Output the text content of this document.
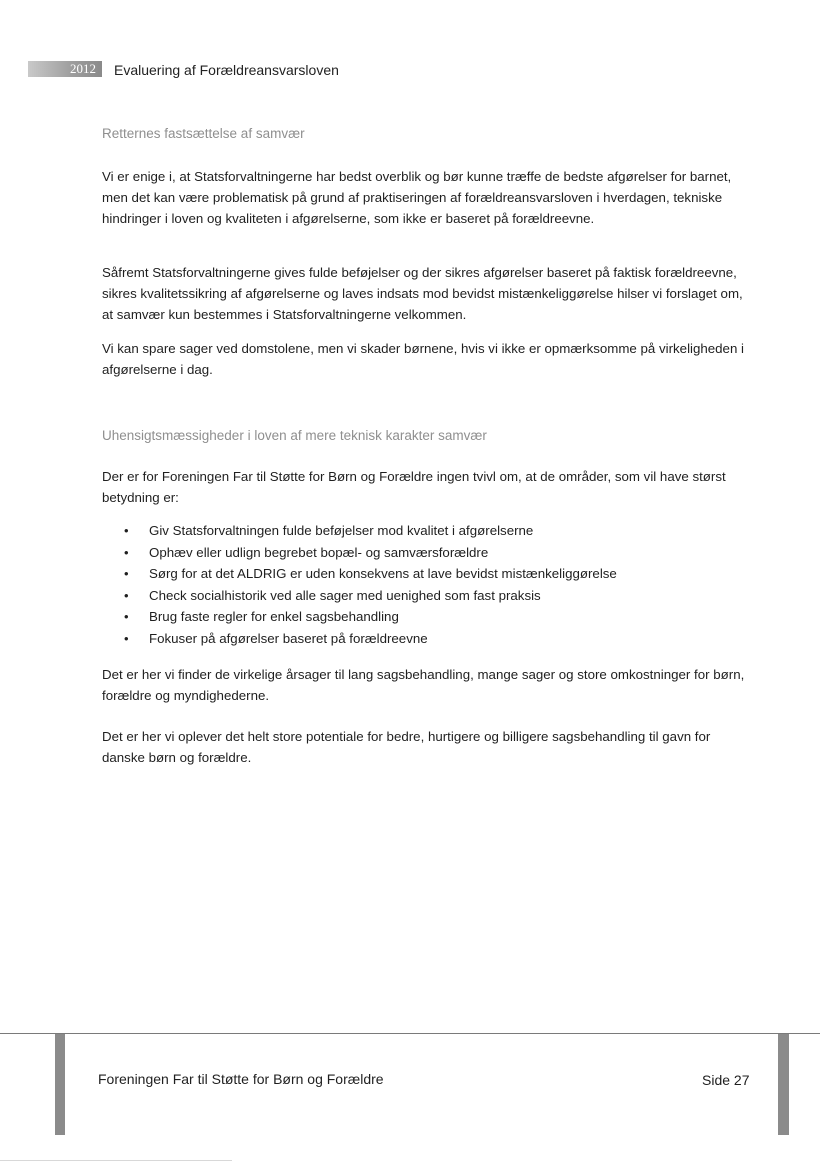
2012 Evaluering af Forældreansvarsloven
Retternes fastsættelse af samvær

Vi er enige i, at Statsforvaltningerne har bedst overblik og bør kunne træffe de bedste afgørelser for barnet, men det kan være problematisk på grund af praktiseringen af forældreansvarsloven i hverdagen, tekniske hindringer i loven og kvaliteten i afgørelserne, som ikke er baseret på forældreevne.

Såfremt Statsforvaltningerne gives fulde beføjelser og der sikres afgørelser baseret på faktisk forældreevne, sikres kvalitetssikring af afgørelserne og laves indsats mod bevidst mistænkeliggørelse hilser vi forslaget om, at samvær kun bestemmes i Statsforvaltningerne velkommen.

Vi kan spare sager ved domstolene, men vi skader børnene, hvis vi ikke er opmærksomme på virkeligheden i afgørelserne i dag.

Uhensigtsmæssigheder i loven af mere teknisk karakter samvær

Der er for Foreningen Far til Støtte for Børn og Forældre ingen tvivl om, at de områder, som vil have størst betydning er:

• Giv Statsforvaltningen fulde beføjelser mod kvalitet i afgørelserne
• Ophæv eller udlign begrebet bopæl- og samværsforældre
• Sørg for at det ALDRIG er uden konsekvens at lave bevidst mistænkeliggørelse
• Check socialhistorik ved alle sager med uenighed som fast praksis
• Brug faste regler for enkel sagsbehandling
• Fokuser på afgørelser baseret på forældreevne

Det er her vi finder de virkelige årsager til lang sagsbehandling, mange sager og store omkostninger for børn, forældre og myndighederne.

Det er her vi oplever det helt store potentiale for bedre, hurtigere og billigere sagsbehandling til gavn for danske børn og forældre.

Foreningen Far til Støtte for Børn og Forældre	Side 27
